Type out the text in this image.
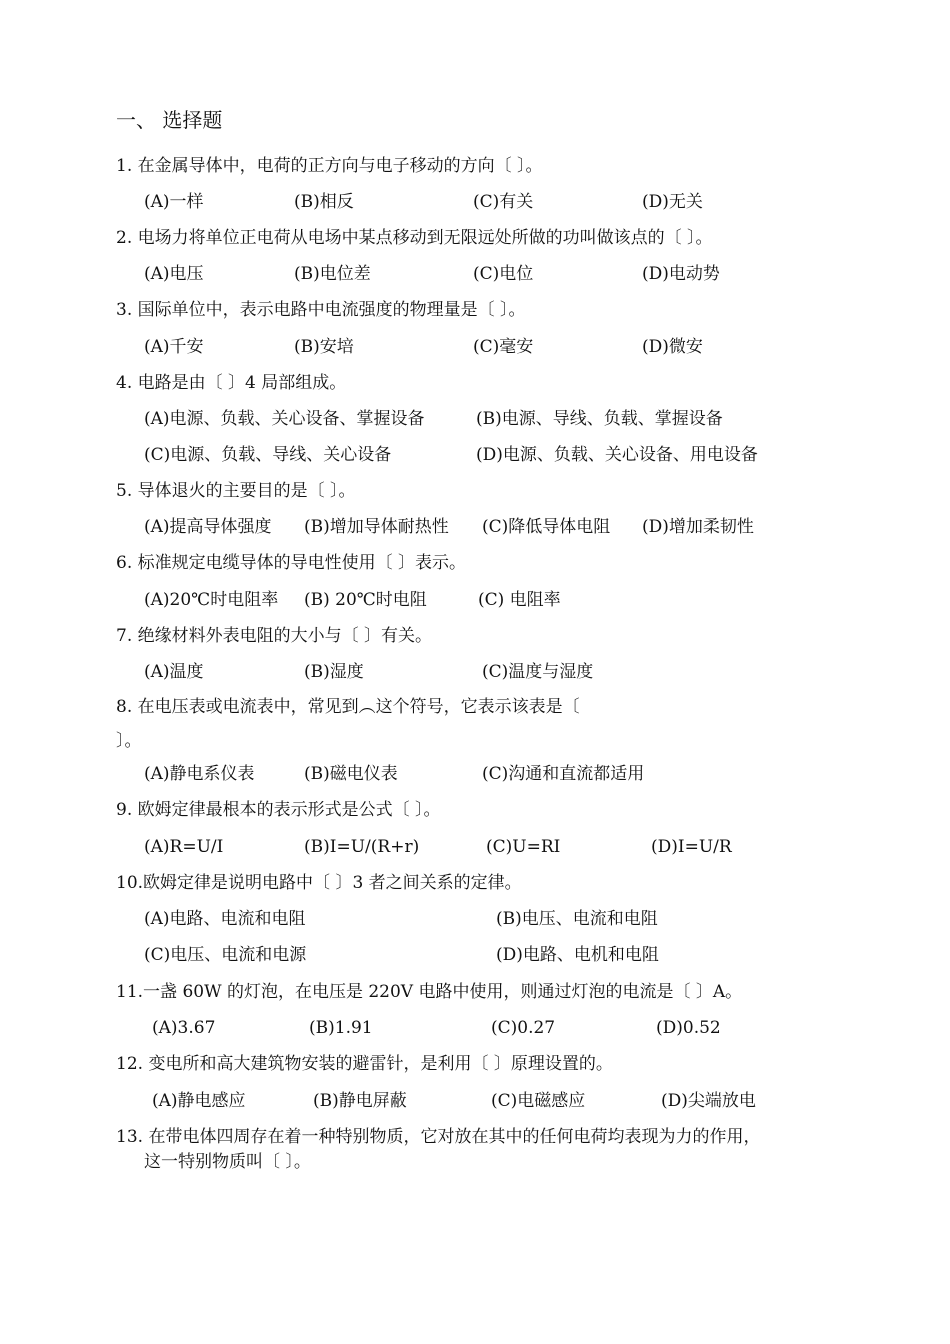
一、 选择题
1. 在金属导体中，电荷的正方向与电子移动的方向〔 〕。
(A)一样	(B)相反	(C)有关	(D)无关
2. 电场力将单位正电荷从电场中某点移动到无限远处所做的功叫做该点的〔 〕。
(A)电压	(B)电位差	(C)电位	(D)电动势
3. 国际单位中，表示电路中电流强度的物理量是〔 〕。
(A)千安	(B)安培	(C)毫安	(D)微安
4. 电路是由〔 〕4 局部组成。
(A)电源、负载、关心设备、掌握设备	(B)电源、导线、负载、掌握设备
(C)电源、负载、导线、关心设备	(D)电源、负载、关心设备、用电设备
5. 导体退火的主要目的是〔 〕。
(A)提高导体强度 (B)增加导体耐热性 (C)降低导体电阻 (D)增加柔韧性
6. 标准规定电缆导体的导电性使用〔 〕表示。
(A)20℃时电阻率 (B) 20℃时电阻	(C) 电阻率
7. 绝缘材料外表电阻的大小与〔 〕有关。
(A)温度	(B)湿度	(C)温度与湿度
8. 在电压表或电流表中，常见到︵这个符号，它表示该表是〔
〕。
(A)静电系仪表	(B)磁电仪表	(C)沟通和直流都适用
9. 欧姆定律最根本的表示形式是公式〔 〕。
(A)R=U/I	(B)I=U/(R+r)	(C)U=RI	(D)I=U/R
10.欧姆定律是说明电路中〔 〕3 者之间关系的定律。
(A)电路、电流和电阻	(B)电压、电流和电阻
(C)电压、电流和电源	(D)电路、电机和电阻
11.一盏 60W 的灯泡，在电压是 220V 电路中使用，则通过灯泡的电流是〔 〕A。
(A)3.67	(B)1.91	(C)0.27	(D)0.52
12. 变电所和高大建筑物安装的避雷针，是利用〔 〕原理设置的。
(A)静电感应	(B)静电屏蔽	(C)电磁感应	(D)尖端放电
13. 在带电体四周存在着一种特别物质，它对放在其中的任何电荷均表现为力的作用，
这一特别物质叫〔 〕。
